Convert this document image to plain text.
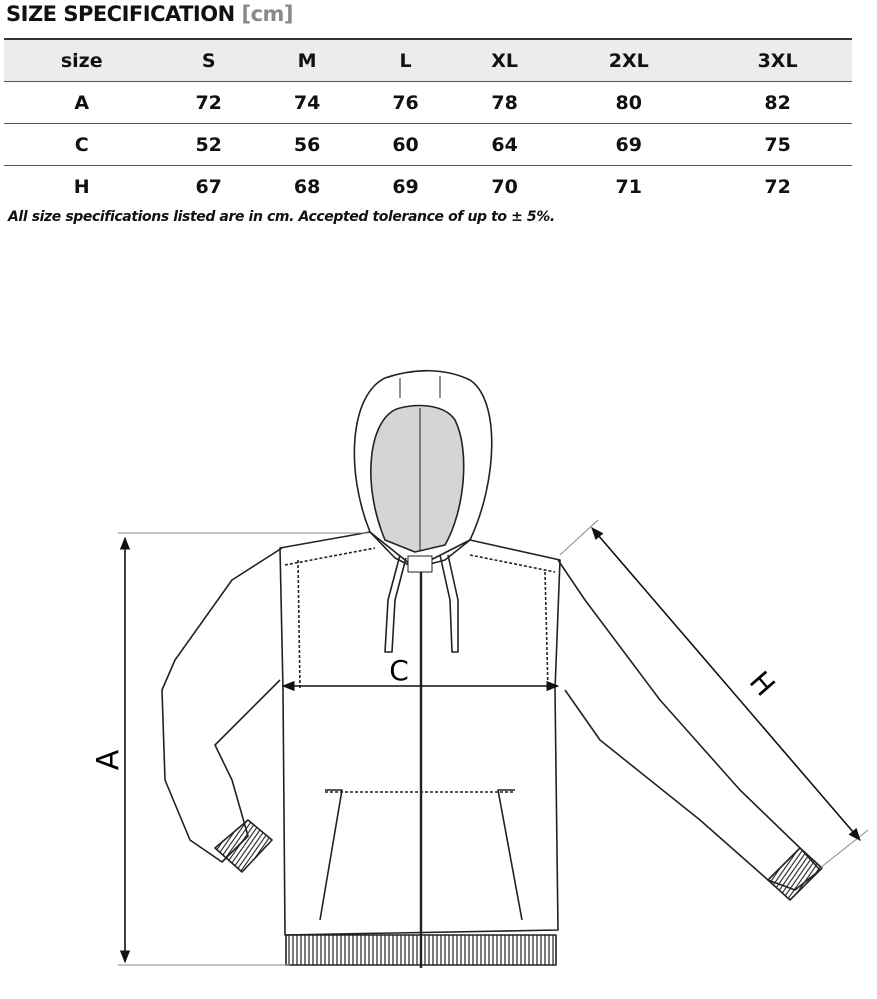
SIZE SPECIFICATION [cm]
size	S	M	L	XL	2XL	3XL
A	72	74	76	78	80	82
C	52	56	60	64	69	75
H	67	68	69	70	71	72
All size specifications listed are in cm. Accepted tolerance of up to ± 5%.
A
C	H
